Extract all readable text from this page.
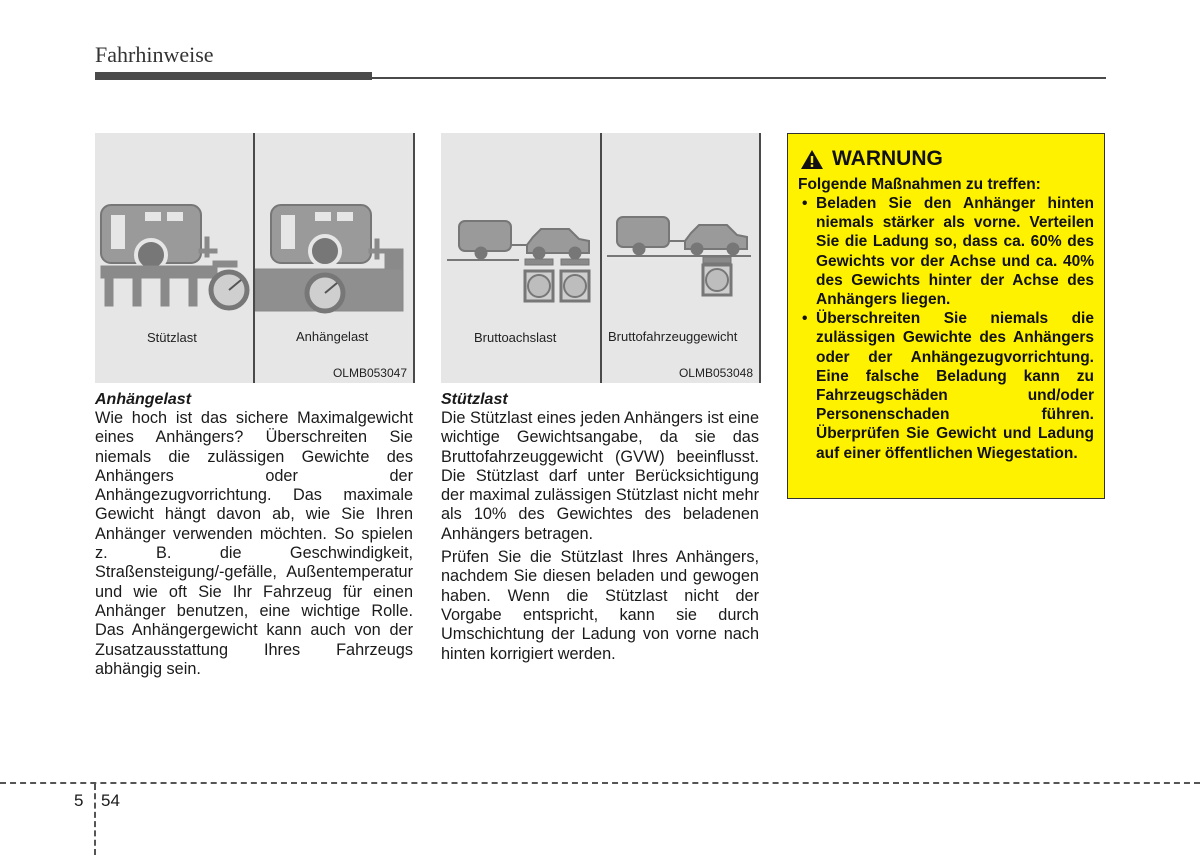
Fahrhinweise
Stützlast	Anhängelast
OLMB053047
Bruttoachslast	Bruttofahrzeuggewicht
OLMB053048
Anhängelast

Wie hoch ist das sichere Maximalgewicht eines Anhängers? Überschreiten Sie niemals die zulässigen Gewichte des Anhängers oder der Anhängezugvorrichtung. Das maximale Gewicht hängt davon ab, wie Sie Ihren Anhänger verwenden möchten. So spielen z. B. die Geschwindigkeit, Straßensteigung/-gefälle, Außentemperatur und wie oft Sie Ihr Fahrzeug für einen Anhänger benutzen, eine wichtige Rolle. Das Anhängergewicht kann auch von der Zusatzausstattung Ihres Fahrzeugs abhängig sein.

Stützlast

Die Stützlast eines jeden Anhängers ist eine wichtige Gewichtsangabe, da sie das Bruttofahrzeuggewicht (GVW) beeinflusst. Die Stützlast darf unter Berücksichtigung der maximal zulässigen Stützlast nicht mehr als 10% des Gewichtes des beladenen Anhängers betragen.

Prüfen Sie die Stützlast Ihres Anhängers, nachdem Sie diesen beladen und gewogen haben. Wenn die Stützlast nicht der Vorgabe entspricht, kann sie durch Umschichtung der Ladung von vorne nach hinten korrigiert werden.

WARNUNG
Folgende Maßnahmen zu treffen:
• Beladen Sie den Anhänger hinten niemals stärker als vorne. Verteilen Sie die Ladung so, dass ca. 60% des Gewichts vor der Achse und ca. 40% des Gewichts hinter der Achse des Anhängers liegen.
• Überschreiten Sie niemals die zulässigen Gewichte des Anhängers oder der Anhängezugvorrichtung. Eine falsche Beladung kann zu Fahrzeugschäden und/oder Personenschaden führen. Überprüfen Sie Gewicht und Ladung auf einer öffentlichen Wiegestation.
5 54
